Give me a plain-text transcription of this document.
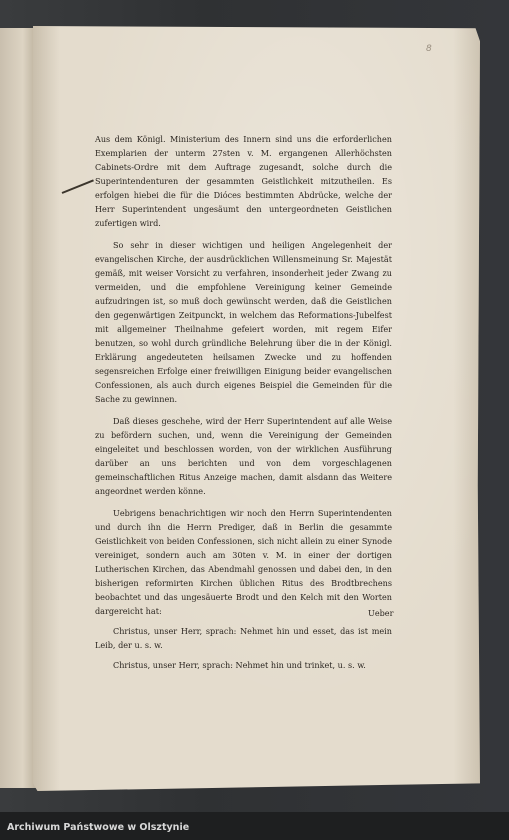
8

Aus dem Königl. Ministerium des Innern sind uns die erforderlichen Exemplarien der unterm 27sten v. M. ergangenen Allerhöchsten Cabinets-Ordre mit dem Auftrage zugesandt, solche durch die Superintendenturen der gesammten Geistlichkeit mitzutheilen. Es erfolgen hiebei die für die Dióces bestimmten Abdrücke, welche der Herr Superintendent ungesäumt den untergeordneten Geistlichen zufertigen wird.

So sehr in dieser wichtigen und heiligen Angelegenheit der evangelischen Kirche, der ausdrücklichen Willensmeinung Sr. Majestät gemäß, mit weiser Vorsicht zu verfahren, insonderheit jeder Zwang zu vermeiden, und die empfohlene Vereinigung keiner Gemeinde aufzudringen ist, so muß doch gewünscht werden, daß die Geistlichen den gegenwärtigen Zeitpunckt, in welchem das Reformations-Jubelfest mit allgemeiner Theilnahme gefeiert worden, mit regem Eifer benutzen, so wohl durch gründliche Belehrung über die in der Königl. Erklärung angedeuteten heilsamen Zwecke und zu hoffenden segensreichen Erfolge einer freiwilligen Einigung beider evangelischen Confessionen, als auch durch eigenes Beispiel die Gemeinden für die Sache zu gewinnen.

Daß dieses geschehe, wird der Herr Superintendent auf alle Weise zu befördern suchen, und, wenn die Vereinigung der Gemeinden eingeleitet und beschlossen worden, von der wirklichen Ausführung darüber an uns berichten und von dem vorgeschlagenen gemeinschaftlichen Ritus Anzeige machen, damit alsdann das Weitere angeordnet werden könne.

Uebrigens benachrichtigen wir noch den Herrn Superintendenten und durch ihn die Herrn Prediger, daß in Berlin die gesammte Geistlichkeit von beiden Confessionen, sich nicht allein zu einer Synode vereiniget, sondern auch am 30ten v. M. in einer der dortigen Lutherischen Kirchen, das Abendmahl genossen und dabei den, in den bisherigen reformirten Kirchen üblichen Ritus des Brodtbrechens beobachtet und das ungesäuerte Brodt und den Kelch mit den Worten dargereicht hat:

Christus, unser Herr, sprach: Nehmet hin und esset, das ist mein Leib, der u. s. w.

Christus, unser Herr, sprach: Nehmet hin und trinket, u. s. w.

Ueber
Archiwum Państwowe w Olsztynie
